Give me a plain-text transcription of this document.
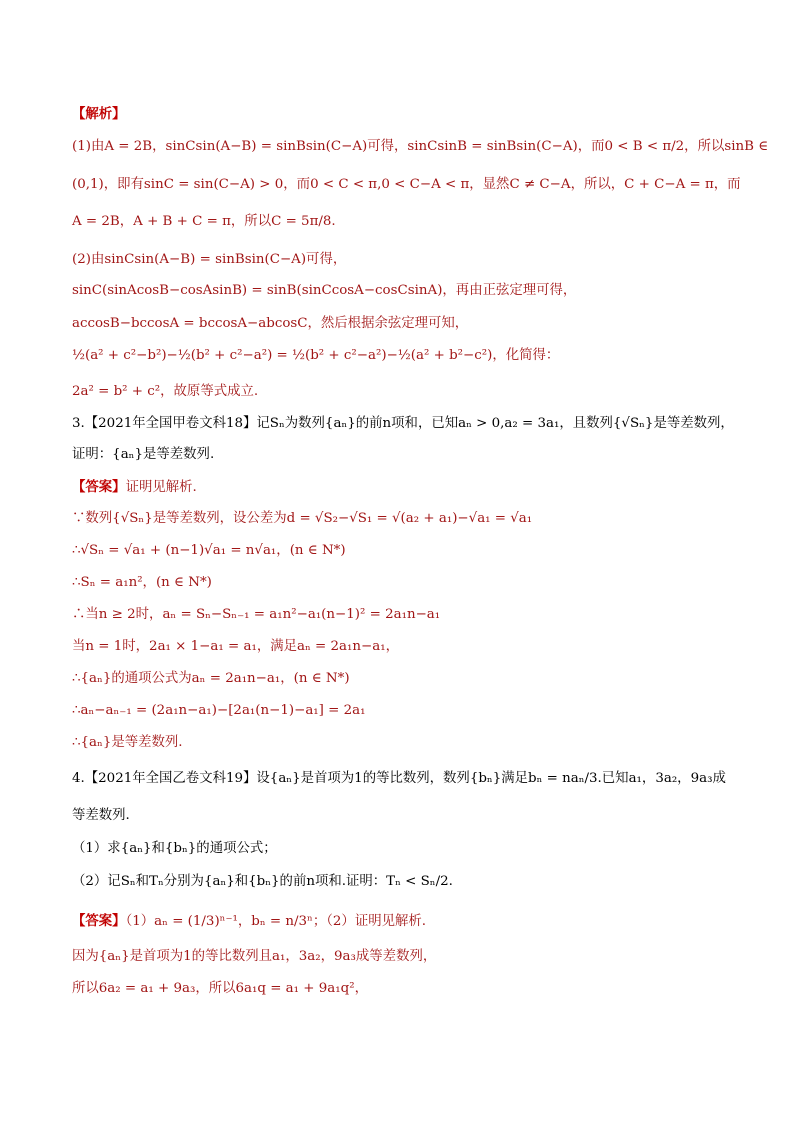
【解析】
(1)由A = 2B，sinCsin(A−B) = sinBsin(C−A)可得，sinCsinB = sinBsin(C−A)，而0 < B < π/2，所以sinB ∈
(0,1)，即有sinC = sin(C−A) > 0，而0 < C < π,0 < C−A < π，显然C ≠ C−A，所以，C + C−A = π，而
A = 2B，A + B + C = π，所以C = 5π/8.
(2)由sinCsin(A−B) = sinBsin(C−A)可得，
sinC(sinAcosB−cosAsinB) = sinB(sinCcosA−cosCsinA)，再由正弦定理可得，
accosB−bccosA = bccosA−abcosC，然后根据余弦定理可知，
½(a² + c²−b²)−½(b² + c²−a²) = ½(b² + c²−a²)−½(a² + b²−c²)，化简得：
2a² = b² + c²，故原等式成立.
3.【2021年全国甲卷文科18】记Sₙ为数列{aₙ}的前n项和，已知aₙ > 0,a₂ = 3a₁，且数列{√Sₙ}是等差数列，
证明：{aₙ}是等差数列.
【答案】证明见解析.
∵数列{√Sₙ}是等差数列，设公差为d = √S₂−√S₁ = √(a₂ + a₁)−√a₁ = √a₁
∴√Sₙ = √a₁ + (n−1)√a₁ = n√a₁，(n ∈ N*)
∴Sₙ = a₁n²，(n ∈ N*)
∴当n ≥ 2时，aₙ = Sₙ−Sₙ₋₁ = a₁n²−a₁(n−1)² = 2a₁n−a₁
当n = 1时，2a₁ × 1−a₁ = a₁，满足aₙ = 2a₁n−a₁，
∴{aₙ}的通项公式为aₙ = 2a₁n−a₁，(n ∈ N*)
∴aₙ−aₙ₋₁ = (2a₁n−a₁)−[2a₁(n−1)−a₁] = 2a₁
∴{aₙ}是等差数列.
4.【2021年全国乙卷文科19】设{aₙ}是首项为1的等比数列，数列{bₙ}满足bₙ = naₙ/3.已知a₁，3a₂，9a₃成
等差数列.
（1）求{aₙ}和{bₙ}的通项公式；
（2）记Sₙ和Tₙ分别为{aₙ}和{bₙ}的前n项和.证明：Tₙ < Sₙ/2.
【答案】（1）aₙ = (1/3)ⁿ⁻¹，bₙ = n/3ⁿ；（2）证明见解析.
因为{aₙ}是首项为1的等比数列且a₁，3a₂，9a₃成等差数列，
所以6a₂ = a₁ + 9a₃，所以6a₁q = a₁ + 9a₁q²，
